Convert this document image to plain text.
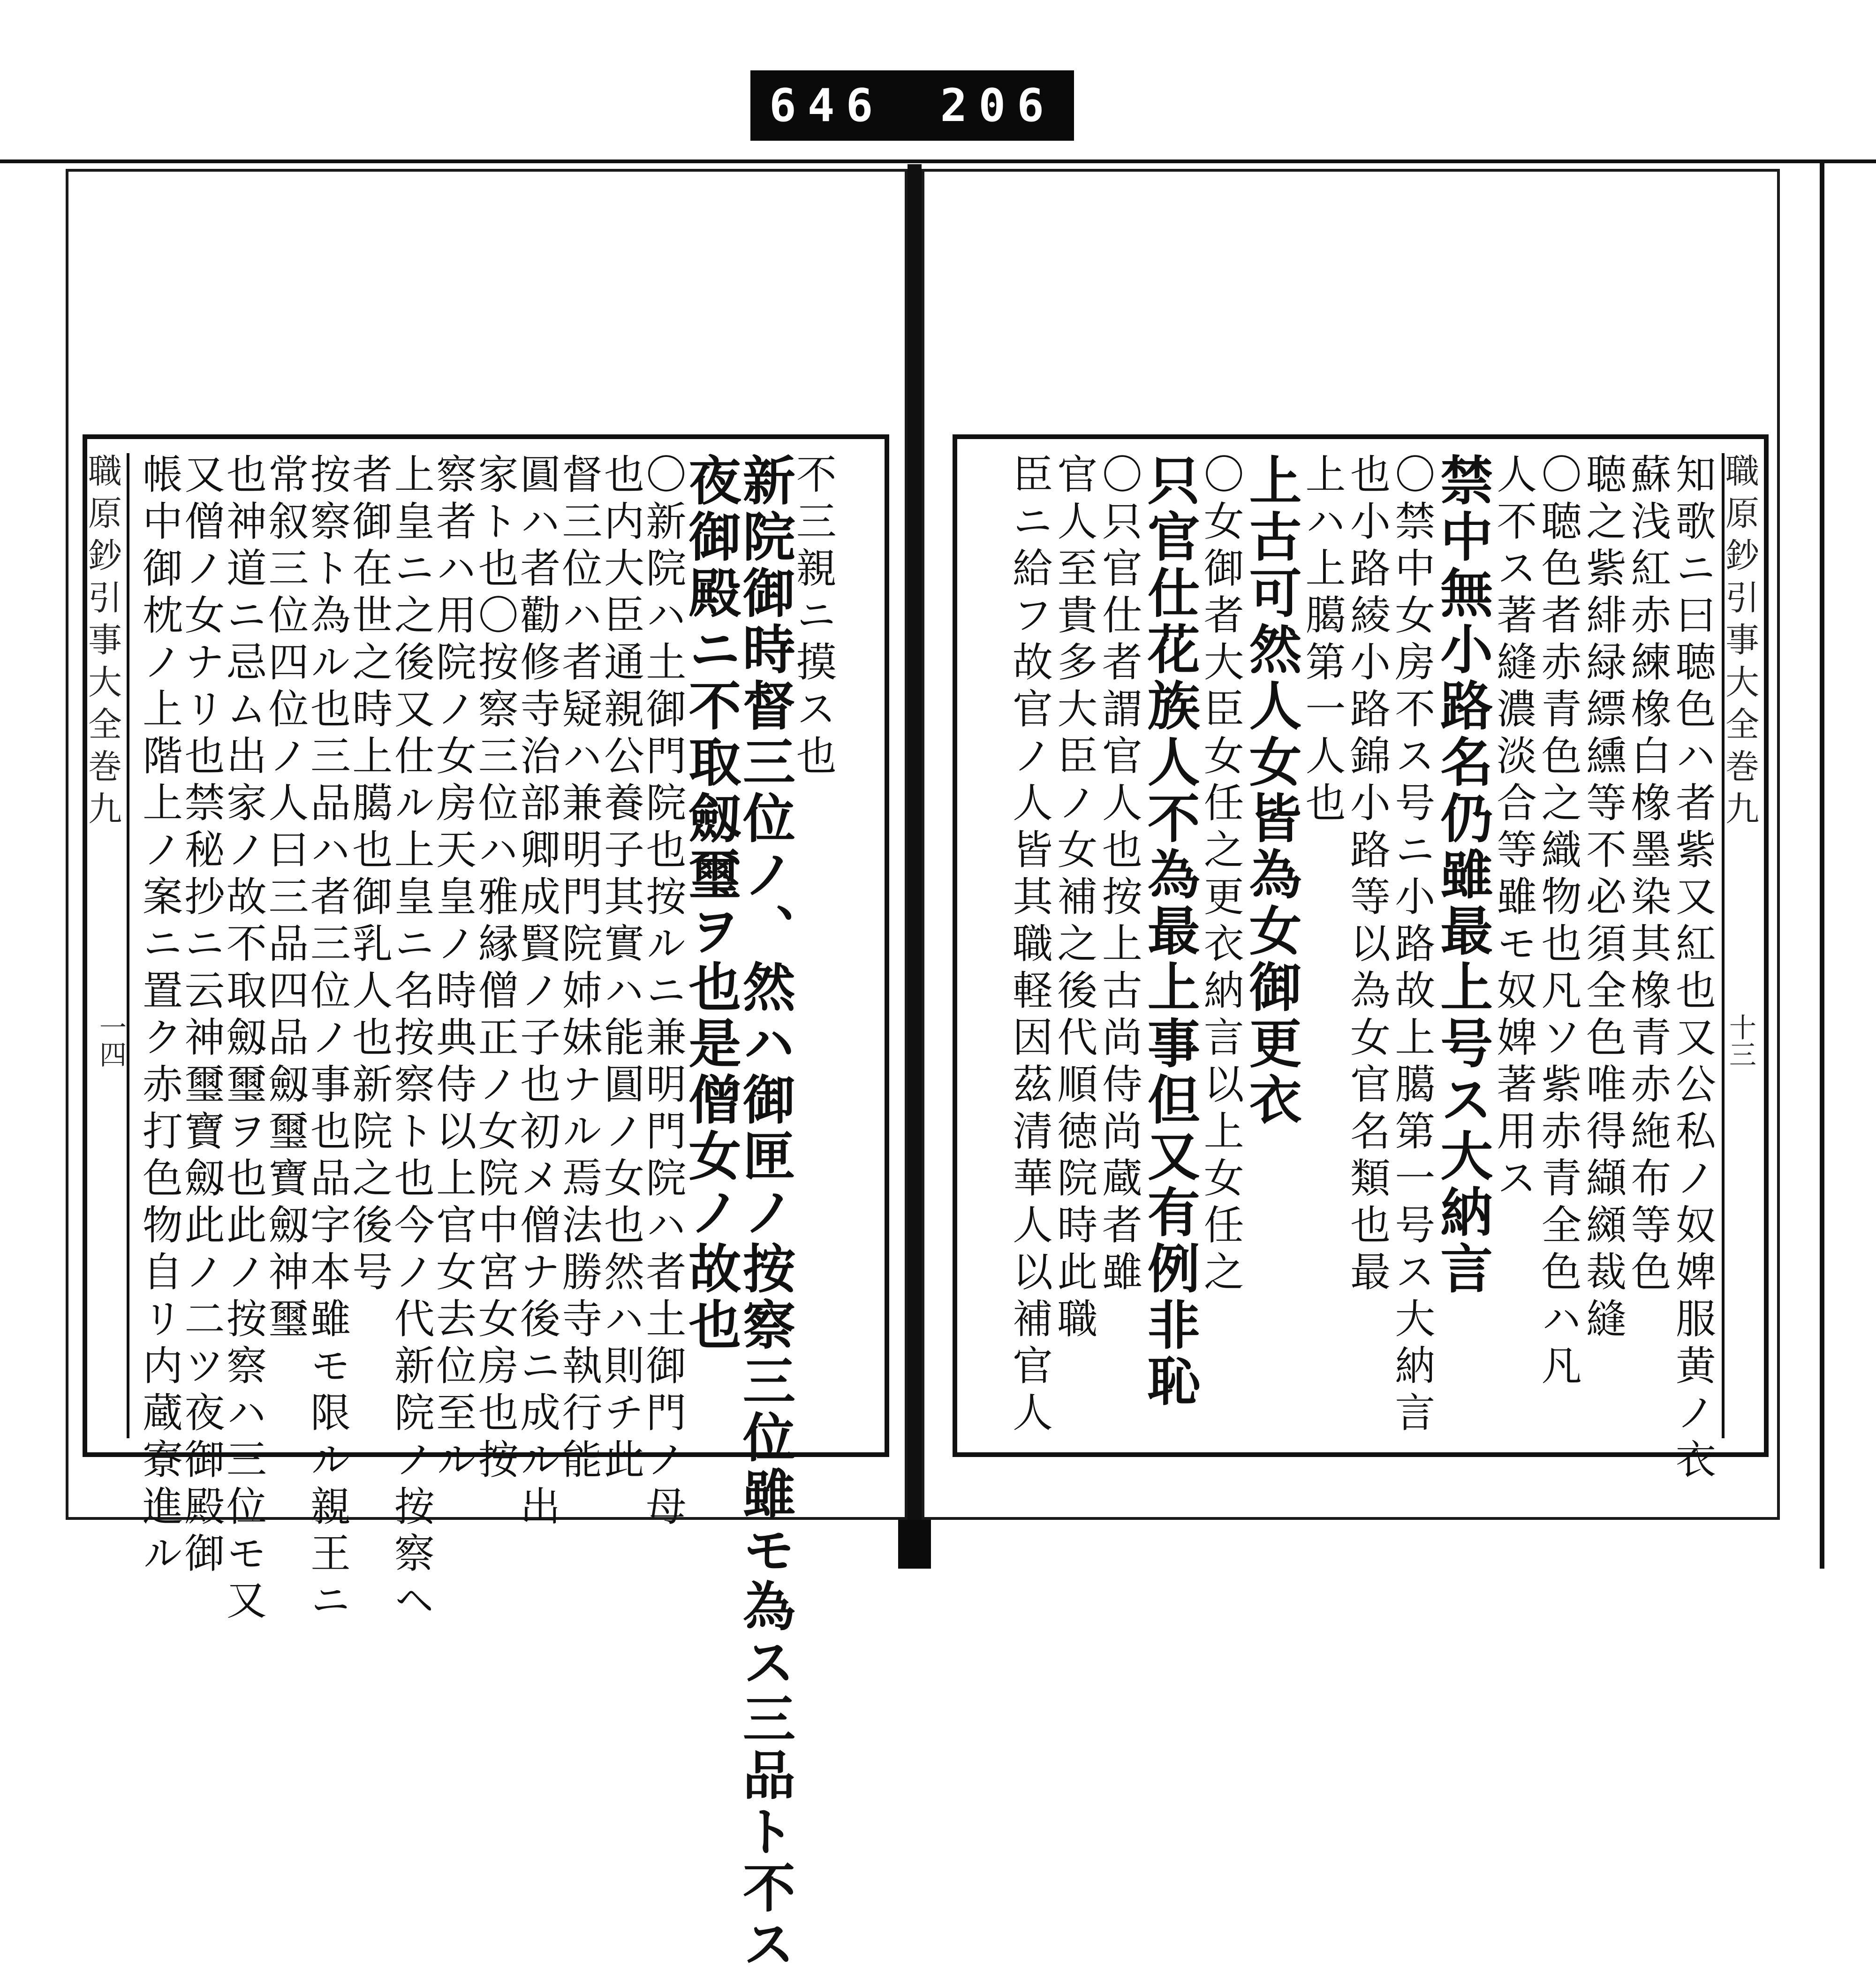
646 206
職原鈔引事大全巻九
一四
不三親ニ摸ス也
新院御時督三位ノ、然ハ御匣ノ按察三位雖モ為ス三品ト不ス
夜御殿ニ不取劔璽ヲ也是僧女ノ故也
〇新院ハ土御門院也按ルニ兼明門院ハ者土御門ノ母
也内大臣通親公養子其實ハ能圓ノ女也然ハ則チ此
督三位ハ者疑ハ兼明門院姉妹ナル焉法勝寺執行能
圓ハ者勸修寺治部卿成賢ノ子也初メ僧ナ後ニ成ル出
家ト也〇按察三位ハ雅縁僧正ノ女院中宮女房也按
察者ハ用院ノ女房天皇ノ時典侍以上官女去位至ル
上皇ニ之後又仕ル上皇ニ名按察ト也今ノ代新院ノ按察ヘ
者御在世之時上臈也御乳人也新院之後号
按察ト為ル也三品ハ者三位ノ事也品字本雖モ限ル親王ニ
常叙三位四位ノ人曰三品四品劔璽寶劔神璽
也神道ニ忌ム出家ノ故不取劔璽ヲ也此ノ按察ハ三位モ又
又僧ノ女ナリ也禁秘抄ニ云神璽寶劔此ノ二ツ夜御殿御
帳中御枕ノ上階上ノ案ニ置ク赤打色物自リ内蔵寮進ル	職原鈔引事大全巻九
十三
知歌ニ曰聴色ハ者紫又紅也又公私ノ奴婢服黄ノ衣
蘇浅紅赤練橡白橡墨染其橡青赤絁布等色
聴之紫緋緑縹纁等不必須全色唯得纈纐裁縫
〇聴色者赤青色之織物也凡ソ紫赤青全色ハ凡
人不ス著縫濃淡合等雖モ奴婢著用ス
禁中無小路名仍雖最上号ス大納言
〇禁中女房不ス号ニ小路故上臈第一号ス大納言
也小路綾小路錦小路等以為女官名類也最
上ハ上臈第一人也
上古可然人女皆為女御更衣
〇女御者大臣女任之更衣納言以上女任之
只官仕花族人不為最上事但又有例非恥
〇只官仕者謂官人也按上古尚侍尚蔵者雖
官人至貴多大臣ノ女補之後代順徳院時此職
臣ニ給フ故官ノ人皆其職軽因茲清華人以補官人
